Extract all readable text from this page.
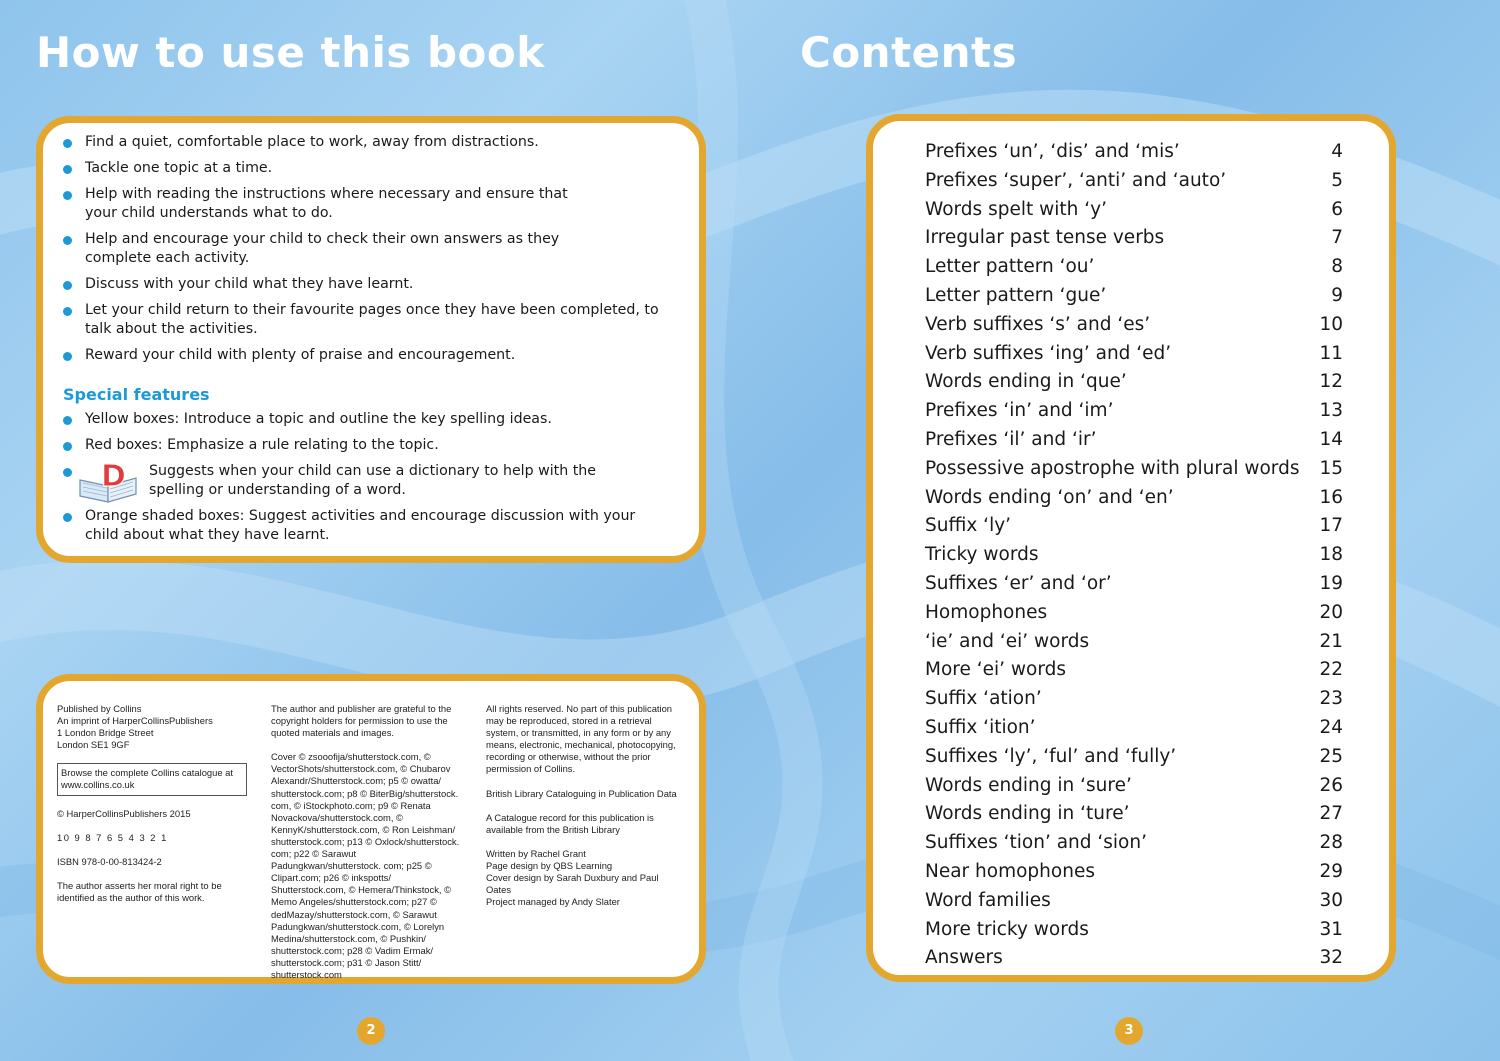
How to use this book
Find a quiet, comfortable place to work, away from distractions.
Tackle one topic at a time.
Help with reading the instructions where necessary and ensure that your child understands what to do.
Help and encourage your child to check their own answers as they complete each activity.
Discuss with your child what they have learnt.
Let your child return to their favourite pages once they have been completed, to talk about the activities.
Reward your child with plenty of praise and encouragement.
Special features
Yellow boxes: Introduce a topic and outline the key spelling ideas.
Red boxes: Emphasize a rule relating to the topic.
D Suggests when your child can use a dictionary to help with the spelling or understanding of a word.
Orange shaded boxes: Suggest activities and encourage discussion with your child about what they have learnt.

Published by Collins
An imprint of HarperCollinsPublishers
1 London Bridge Street
London SE1 9GF

Browse the complete Collins catalogue at www.collins.co.uk

© HarperCollinsPublishers 2015

10 9 8 7 6 5 4 3 2 1

ISBN 978-0-00-813424-2

The author asserts her moral right to be identified as the author of this work.

The author and publisher are grateful to the copyright holders for permission to use the quoted materials and images.

Cover © zsooofija/shutterstock.com, © VectorShots/shutterstock.com, © Chubarov Alexandr/Shutterstock.com; p5 © owatta/ shutterstock.com; p8 © BiterBig/shutterstock. com, © iStockphoto.com; p9 © Renata Novackova/shutterstock.com, © KennyK/shutterstock.com, © Ron Leishman/ shutterstock.com; p13 © Oxlock/shutterstock. com; p22 © Sarawut Padungkwan/shutterstock. com; p25 © Clipart.com; p26 © inkspotts/ Shutterstock.com, © Hemera/Thinkstock, © Memo Angeles/shutterstock.com; p27 © dedMazay/shutterstock.com, © Sarawut Padungkwan/shutterstock.com, © Lorelyn Medina/shutterstock.com, © Pushkin/ shutterstock.com; p28 © Vadim Ermak/ shutterstock.com; p31 © Jason Stitt/ shutterstock.com

All rights reserved. No part of this publication may be reproduced, stored in a retrieval system, or transmitted, in any form or by any means, electronic, mechanical, photocopying, recording or otherwise, without the prior permission of Collins.

British Library Cataloguing in Publication Data

A Catalogue record for this publication is available from the British Library

Written by Rachel Grant
Page design by QBS Learning
Cover design by Sarah Duxbury and Paul Oates
Project managed by Andy Slater

Contents
Prefixes ‘un’, ‘dis’ and ‘mis’	4
Prefixes ‘super’, ‘anti’ and ‘auto’	5
Words spelt with ‘y’	6
Irregular past tense verbs	7
Letter pattern ‘ou’	8
Letter pattern ‘gue’	9
Verb suffixes ‘s’ and ‘es’	10
Verb suffixes ‘ing’ and ‘ed’	11
Words ending in ‘que’	12
Prefixes ‘in’ and ‘im’	13
Prefixes ‘il’ and ‘ir’	14
Possessive apostrophe with plural words 15
Words ending ‘on’ and ‘en’	16
Suffix ‘ly’	17
Tricky words	18
Suffixes ‘er’ and ‘or’	19
Homophones	20
‘ie’ and ‘ei’ words	21
More ‘ei’ words	22
Suffix ‘ation’	23
Suffix ‘ition’	24
Suffixes ‘ly’, ‘ful’ and ‘fully’	25
Words ending in ‘sure’	26
Words ending in ‘ture’	27
Suffixes ‘tion’ and ‘sion’	28
Near homophones	29
Word families	30
More tricky words	31
Answers	32
2	3
